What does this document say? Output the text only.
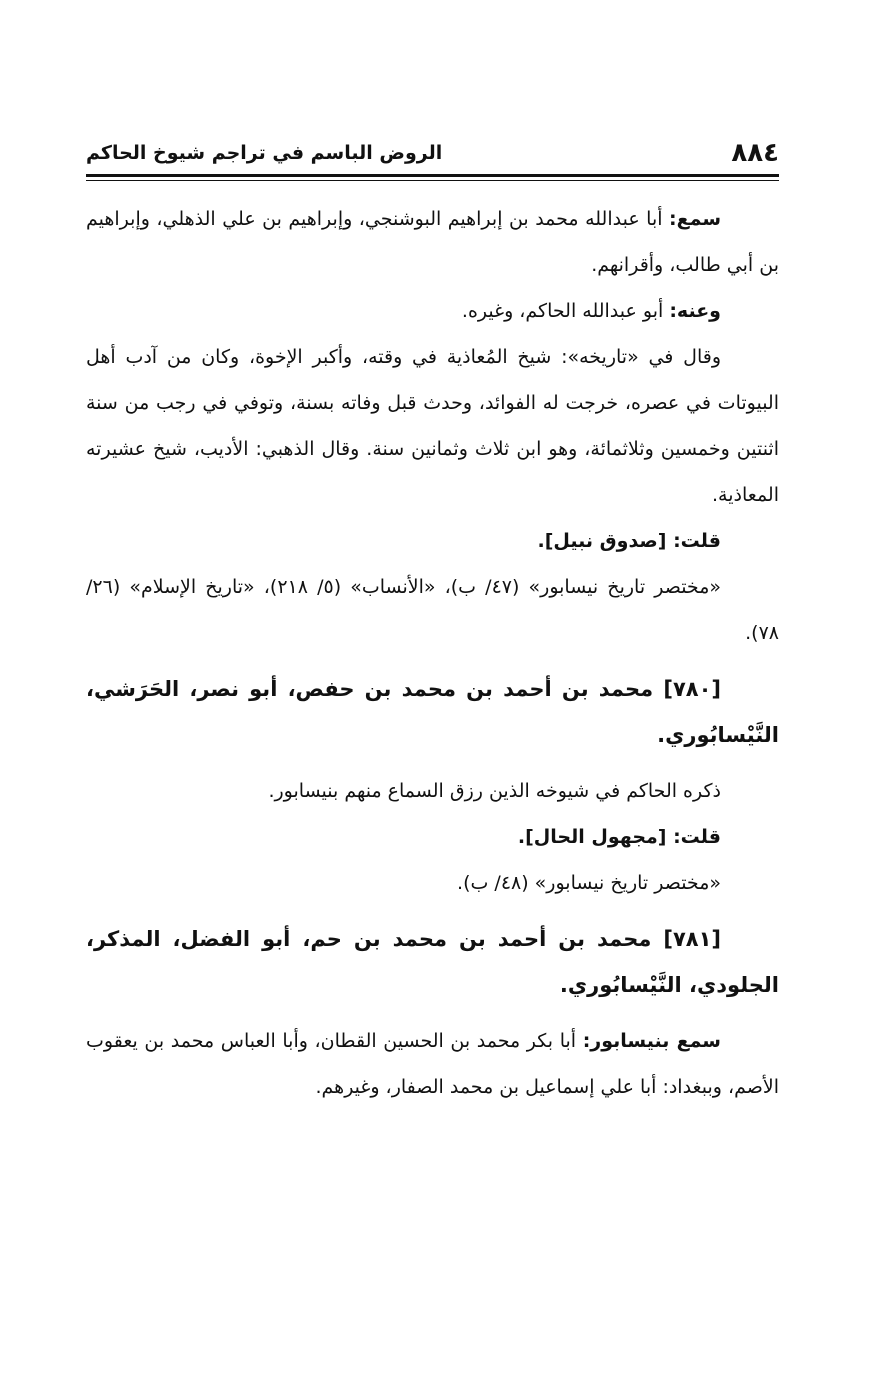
٨٨٤
الروض الباسم في تراجم شيوخ الحاكم

سمع: أبا عبدالله محمد بن إبراهيم البوشنجي، وإبراهيم بن علي الذهلي، وإبراهيم بن أبي طالب، وأقرانهم.

وعنه: أبو عبدالله الحاكم، وغيره.

وقال في «تاريخه»: شيخ المُعاذية في وقته، وأكبر الإخوة، وكان من آدب أهل البيوتات في عصره، خرجت له الفوائد، وحدث قبل وفاته بسنة، وتوفي في رجب من سنة اثنتين وخمسين وثلاثمائة، وهو ابن ثلاث وثمانين سنة. وقال الذهبي: الأديب، شيخ عشيرته المعاذية.

قلت: [صدوق نبيل].

«مختصر تاريخ نيسابور» (٤٧/ ب)، «الأنساب» (٥/ ٢١٨)، «تاريخ الإسلام» (٢٦/ ٧٨).

[٧٨٠] محمد بن أحمد بن محمد بن حفص، أبو نصر، الحَرَشي، النَّيْسابُوري.

ذكره الحاكم في شيوخه الذين رزق السماع منهم بنيسابور.

قلت: [مجهول الحال].

«مختصر تاريخ نيسابور» (٤٨/ ب).

[٧٨١] محمد بن أحمد بن محمد بن حم، أبو الفضل، المذكر، الجلودي، النَّيْسابُوري.

سمع بنيسابور: أبا بكر محمد بن الحسين القطان، وأبا العباس محمد بن يعقوب الأصم، وببغداد: أبا علي إسماعيل بن محمد الصفار، وغيرهم.
